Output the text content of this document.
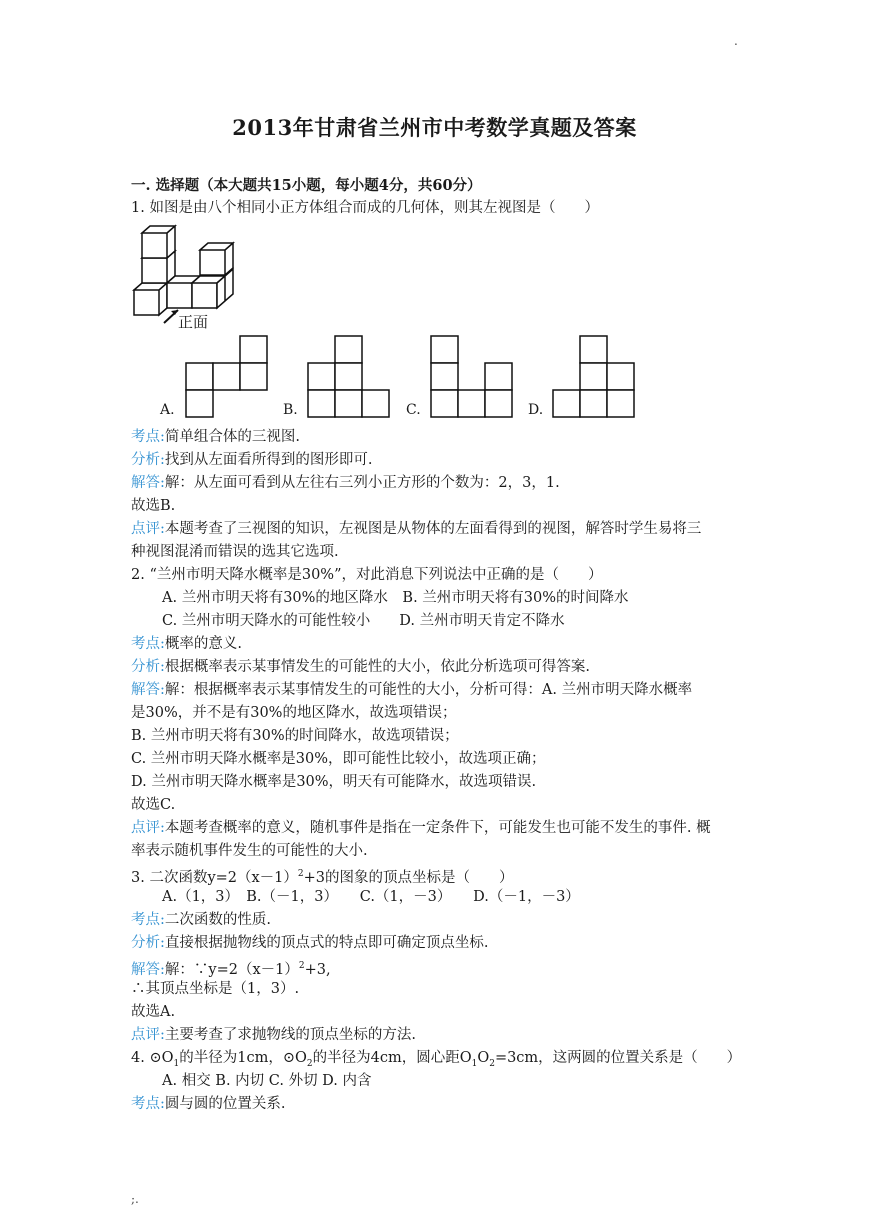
.
2013年甘肃省兰州市中考数学真题及答案
一. 选择题（本大题共15小题，每小题4分，共60分）
1. 如图是由八个相同小正方体组合而成的几何体，则其左视图是（　　）
正面
A.	B.	C.	D.
考点:简单组合体的三视图.
分析:找到从左面看所得到的图形即可.
解答:解：从左面可看到从左往右三列小正方形的个数为：2，3，1.
故选B.
点评:本题考查了三视图的知识，左视图是从物体的左面看得到的视图，解答时学生易将三
种视图混淆而错误的选其它选项.
2. “兰州市明天降水概率是30%”，对此消息下列说法中正确的是（　　）
A. 兰州市明天将有30%的地区降水　B. 兰州市明天将有30%的时间降水
C. 兰州市明天降水的可能性较小　　D. 兰州市明天肯定不降水
考点:概率的意义.
分析:根据概率表示某事情发生的可能性的大小，依此分析选项可得答案.
解答:解：根据概率表示某事情发生的可能性的大小，分析可得：A. 兰州市明天降水概率
是30%，并不是有30%的地区降水，故选项错误；
B. 兰州市明天将有30%的时间降水，故选项错误；
C. 兰州市明天降水概率是30%，即可能性比较小，故选项正确；
D. 兰州市明天降水概率是30%，明天有可能降水，故选项错误.
故选C.
点评:本题考查概率的意义，随机事件是指在一定条件下，可能发生也可能不发生的事件. 概
率表示随机事件发生的可能性的大小.
3. 二次函数$y=2(x-1)^2+3$的图象的顶点坐标是（　　）
A.（1，3）　B.（－1，3）　　C.（1，－3）　　D.（－1，－3）
考点:二次函数的性质.
分析:直接根据抛物线的顶点式的特点即可确定顶点坐标.
解答:解：$\because y=2(x-1)^2+3$,
∴其顶点坐标是（1，3）.
故选A.
点评:主要考查了求抛物线的顶点坐标的方法.
4. $⊙O_1$的半径为1cm，$⊙O_2$的半径为4cm，圆心距$O_1O_2=3cm$，这两圆的位置关系是（　　）
A. 相交 B. 内切 C. 外切 D. 内含
考点:圆与圆的位置关系.
;.
